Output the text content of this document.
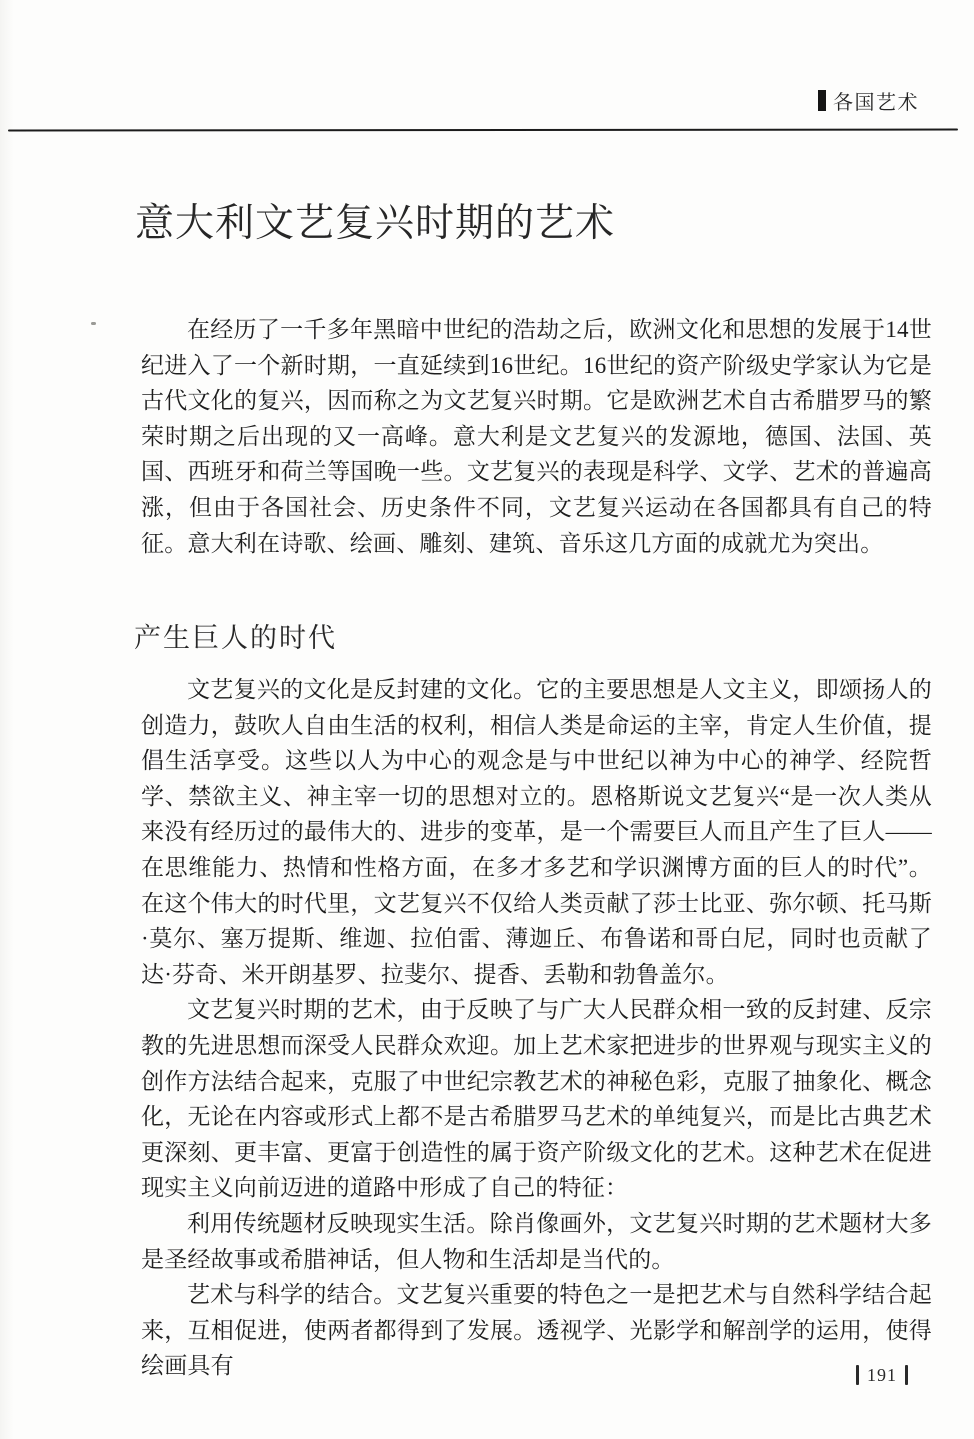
各国艺术
意大利文艺复兴时期的艺术

在经历了一千多年黑暗中世纪的浩劫之后，欧洲文化和思想的发展于14世纪进入了一个新时期，一直延续到16世纪。16世纪的资产阶级史学家认为它是古代文化的复兴，因而称之为文艺复兴时期。它是欧洲艺术自古希腊罗马的繁荣时期之后出现的又一高峰。意大利是文艺复兴的发源地，德国、法国、英国、西班牙和荷兰等国晚一些。文艺复兴的表现是科学、文学、艺术的普遍高涨，但由于各国社会、历史条件不同，文艺复兴运动在各国都具有自己的特征。意大利在诗歌、绘画、雕刻、建筑、音乐这几方面的成就尤为突出。

产生巨人的时代

文艺复兴的文化是反封建的文化。它的主要思想是人文主义，即颂扬人的创造力，鼓吹人自由生活的权利，相信人类是命运的主宰，肯定人生价值，提倡生活享受。这些以人为中心的观念是与中世纪以神为中心的神学、经院哲学、禁欲主义、神主宰一切的思想对立的。恩格斯说文艺复兴“是一次人类从来没有经历过的最伟大的、进步的变革，是一个需要巨人而且产生了巨人——在思维能力、热情和性格方面，在多才多艺和学识渊博方面的巨人的时代”。在这个伟大的时代里，文艺复兴不仅给人类贡献了莎士比亚、弥尔顿、托马斯·莫尔、塞万提斯、维迦、拉伯雷、薄迦丘、布鲁诺和哥白尼，同时也贡献了达·芬奇、米开朗基罗、拉斐尔、提香、丢勒和勃鲁盖尔。

文艺复兴时期的艺术，由于反映了与广大人民群众相一致的反封建、反宗教的先进思想而深受人民群众欢迎。加上艺术家把进步的世界观与现实主义的创作方法结合起来，克服了中世纪宗教艺术的神秘色彩，克服了抽象化、概念化，无论在内容或形式上都不是古希腊罗马艺术的单纯复兴，而是比古典艺术更深刻、更丰富、更富于创造性的属于资产阶级文化的艺术。这种艺术在促进现实主义向前迈进的道路中形成了自己的特征：

利用传统题材反映现实生活。除肖像画外，文艺复兴时期的艺术题材大多是圣经故事或希腊神话，但人物和生活却是当代的。

艺术与科学的结合。文艺复兴重要的特色之一是把艺术与自然科学结合起来，互相促进，使两者都得到了发展。透视学、光影学和解剖学的运用，使得绘画具有	191
